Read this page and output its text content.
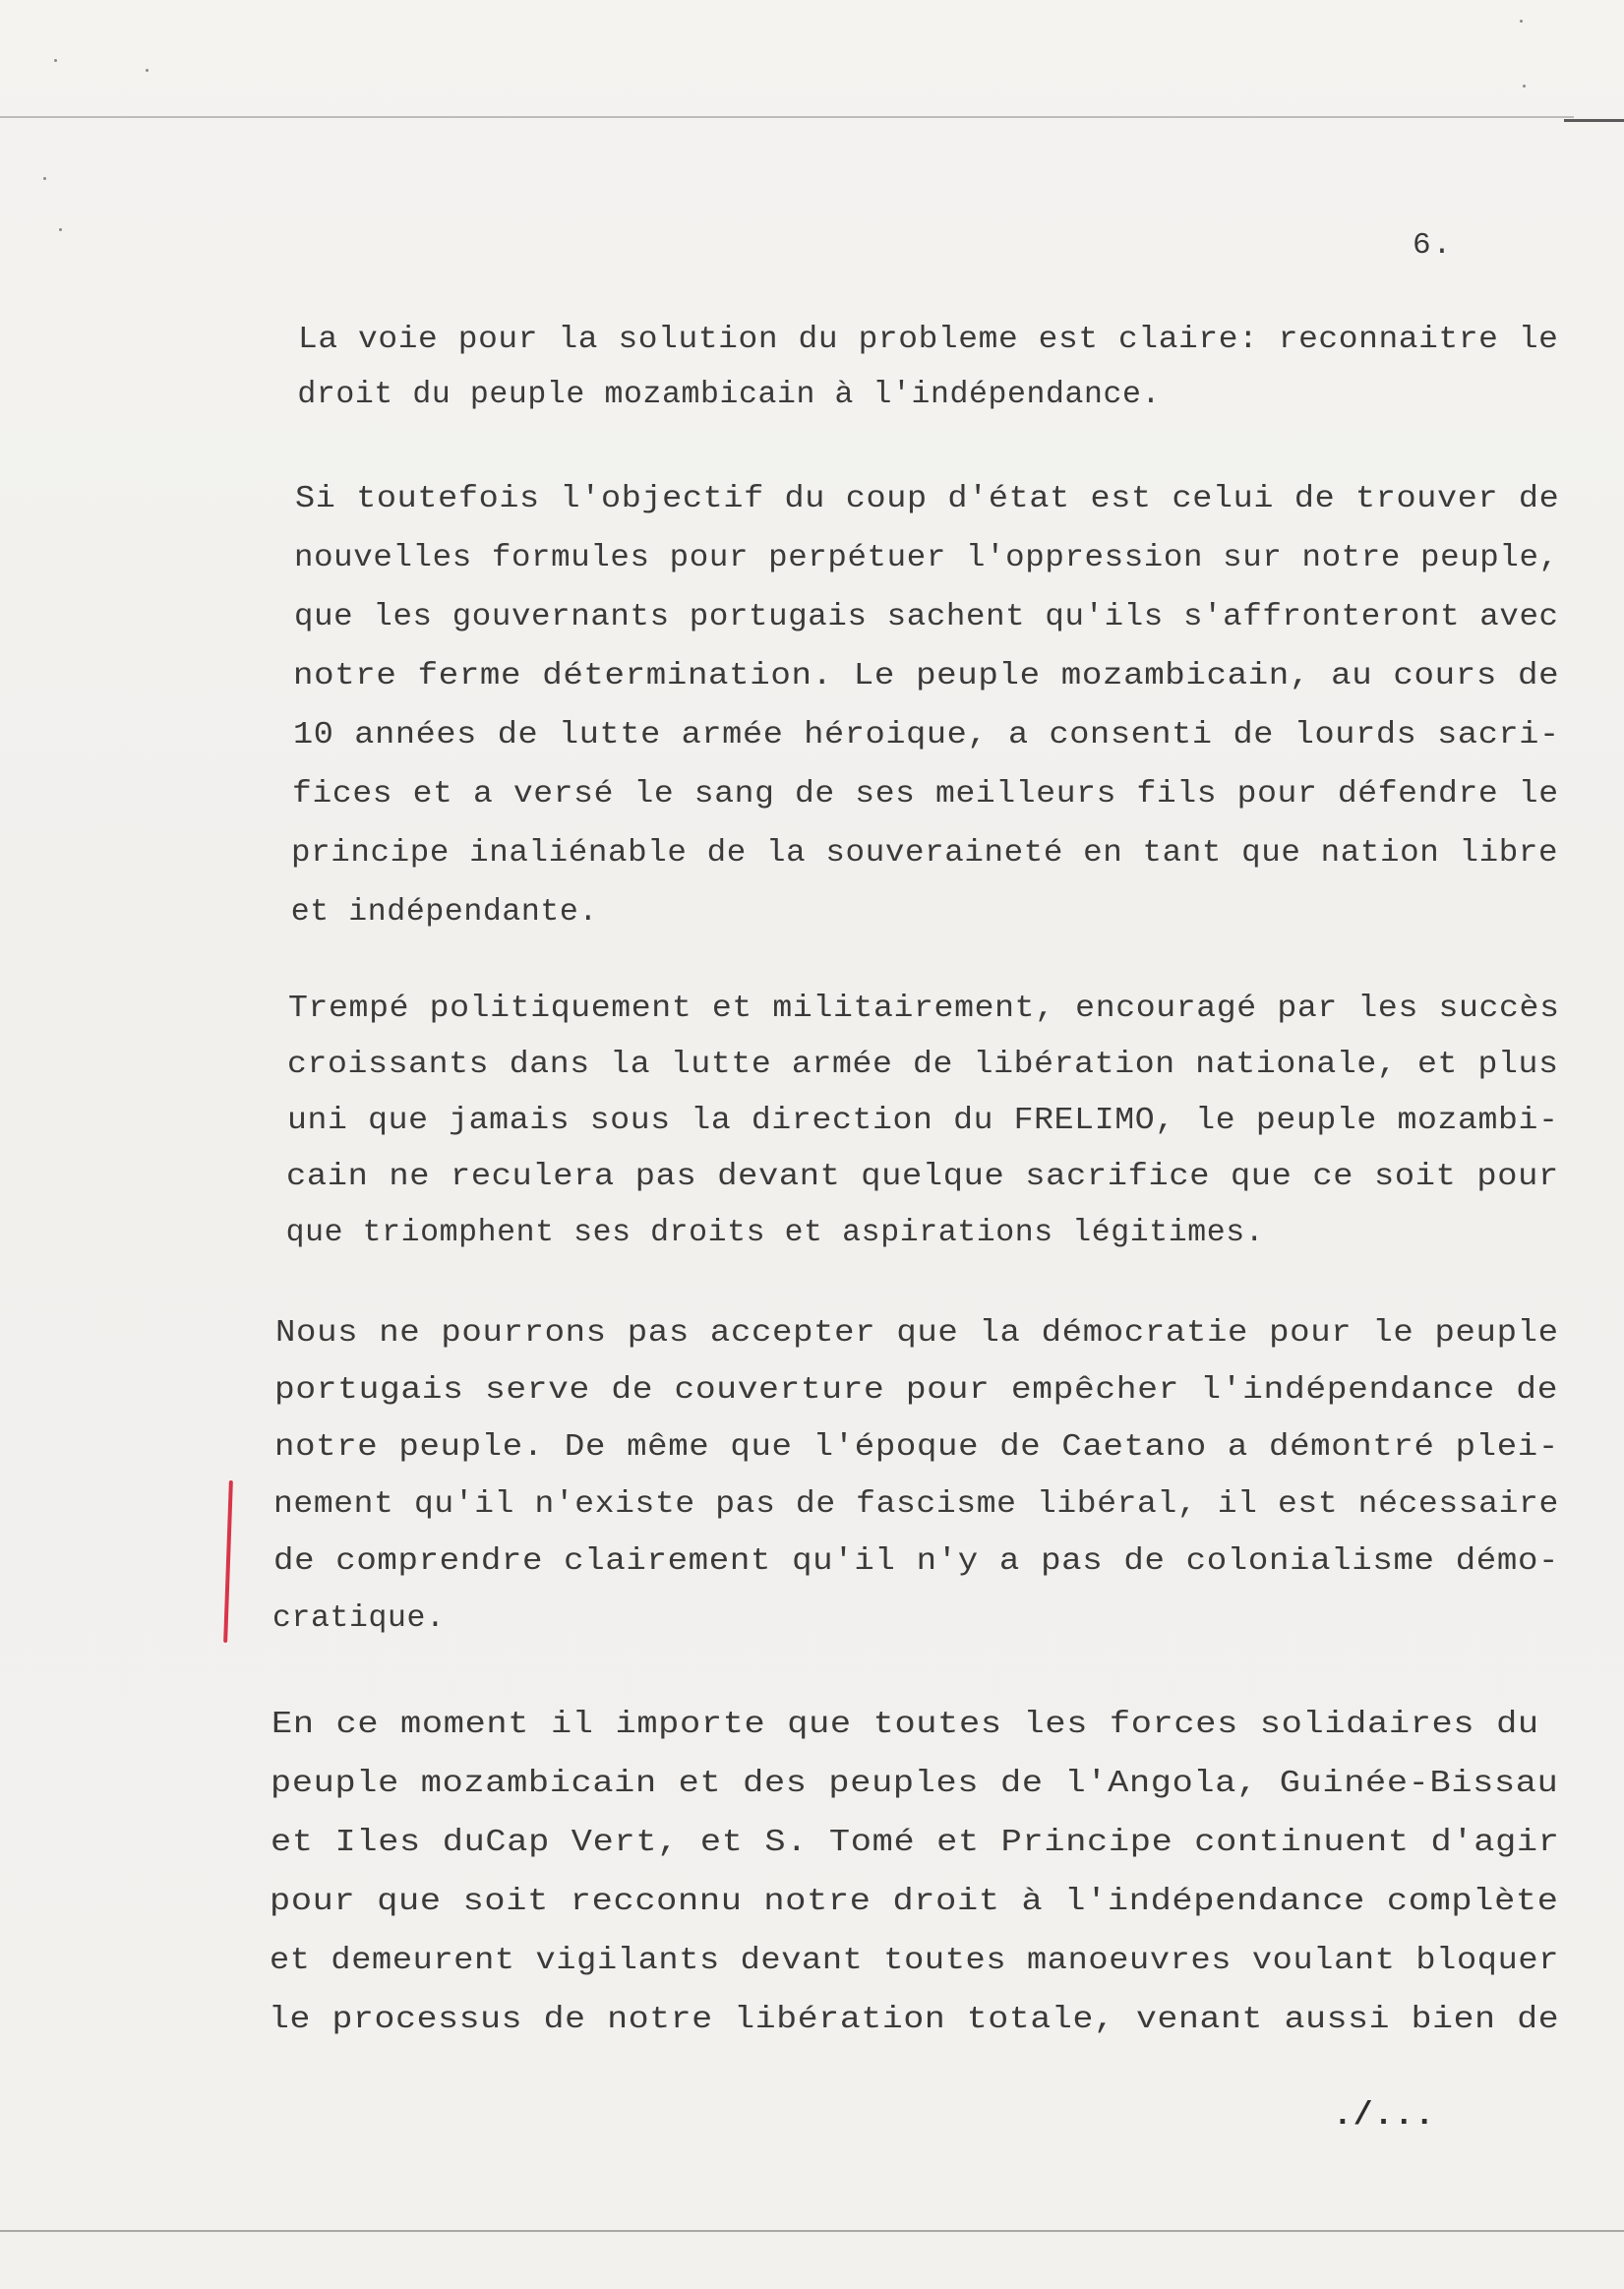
6.
La voie pour la solution du probleme est claire: reconnaitre le
droit du peuple mozambicain à l'indépendance.
Si toutefois l'objectif du coup d'état est celui de trouver de
nouvelles formules pour perpétuer l'oppression sur notre peuple,
que les gouvernants portugais sachent qu'ils s'affronteront avec
notre ferme détermination. Le peuple mozambicain, au cours de
10 années de lutte armée héroique, a consenti de lourds sacri-
fices et a versé le sang de ses meilleurs fils pour défendre le
principe inaliénable de la souveraineté en tant que nation libre
et indépendante.
Trempé politiquement et militairement, encouragé par les succès
croissants dans la lutte armée de libération nationale, et plus
uni que jamais sous la direction du FRELIMO, le peuple mozambi-
cain ne reculera pas devant quelque sacrifice que ce soit pour
que triomphent ses droits et aspirations légitimes.
Nous ne pourrons pas accepter que la démocratie pour le peuple
portugais serve de couverture pour empêcher l'indépendance de
notre peuple. De même que l'époque de Caetano a démontré plei-
nement qu'il n'existe pas de fascisme libéral, il est nécessaire
de comprendre clairement qu'il n'y a pas de colonialisme démo-
cratique.
En ce moment il importe que toutes les forces solidaires du
peuple mozambicain et des peuples de l'Angola, Guinée-Bissau
et Iles duCap Vert, et S. Tomé et Principe continuent d'agir
pour que soit recconnu notre droit à l'indépendance complète
et demeurent vigilants devant toutes manoeuvres voulant bloquer
le processus de notre libération totale, venant aussi bien de
./...
